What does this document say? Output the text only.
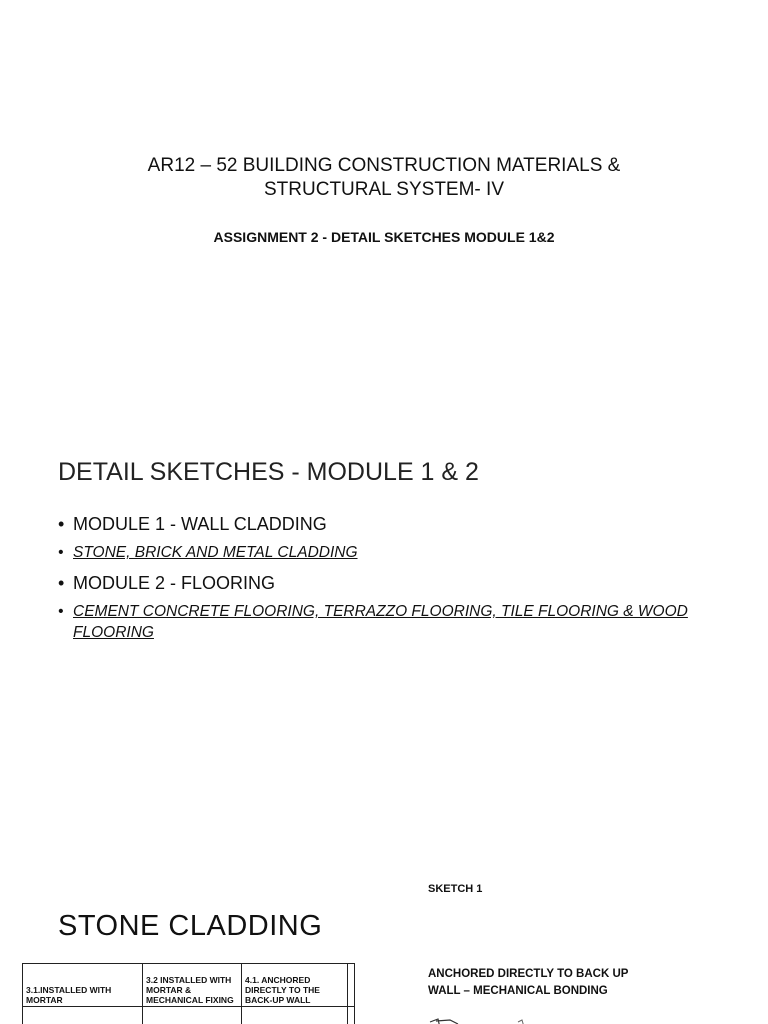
AR12 – 52 BUILDING CONSTRUCTION MATERIALS &
STRUCTURAL SYSTEM- IV
ASSIGNMENT 2 - DETAIL SKETCHES MODULE 1&2
DETAIL SKETCHES - MODULE 1 & 2
• MODULE 1 - WALL CLADDING
• STONE, BRICK AND METAL CLADDING
• MODULE 2 - FLOORING
• CEMENT CONCRETE FLOORING, TERRAZZO FLOORING, TILE FLOORING & WOOD FLOORING
SKETCH 1
STONE CLADDING
ANCHORED DIRECTLY TO BACK UP WALL – MECHANICAL BONDING
3.1.INSTALLED WITH MORTAR	3.2 INSTALLED WITH MORTAR & MECHANICAL FIXING	4.1. ANCHORED DIRECTLY TO THE BACK-UP WALL	
